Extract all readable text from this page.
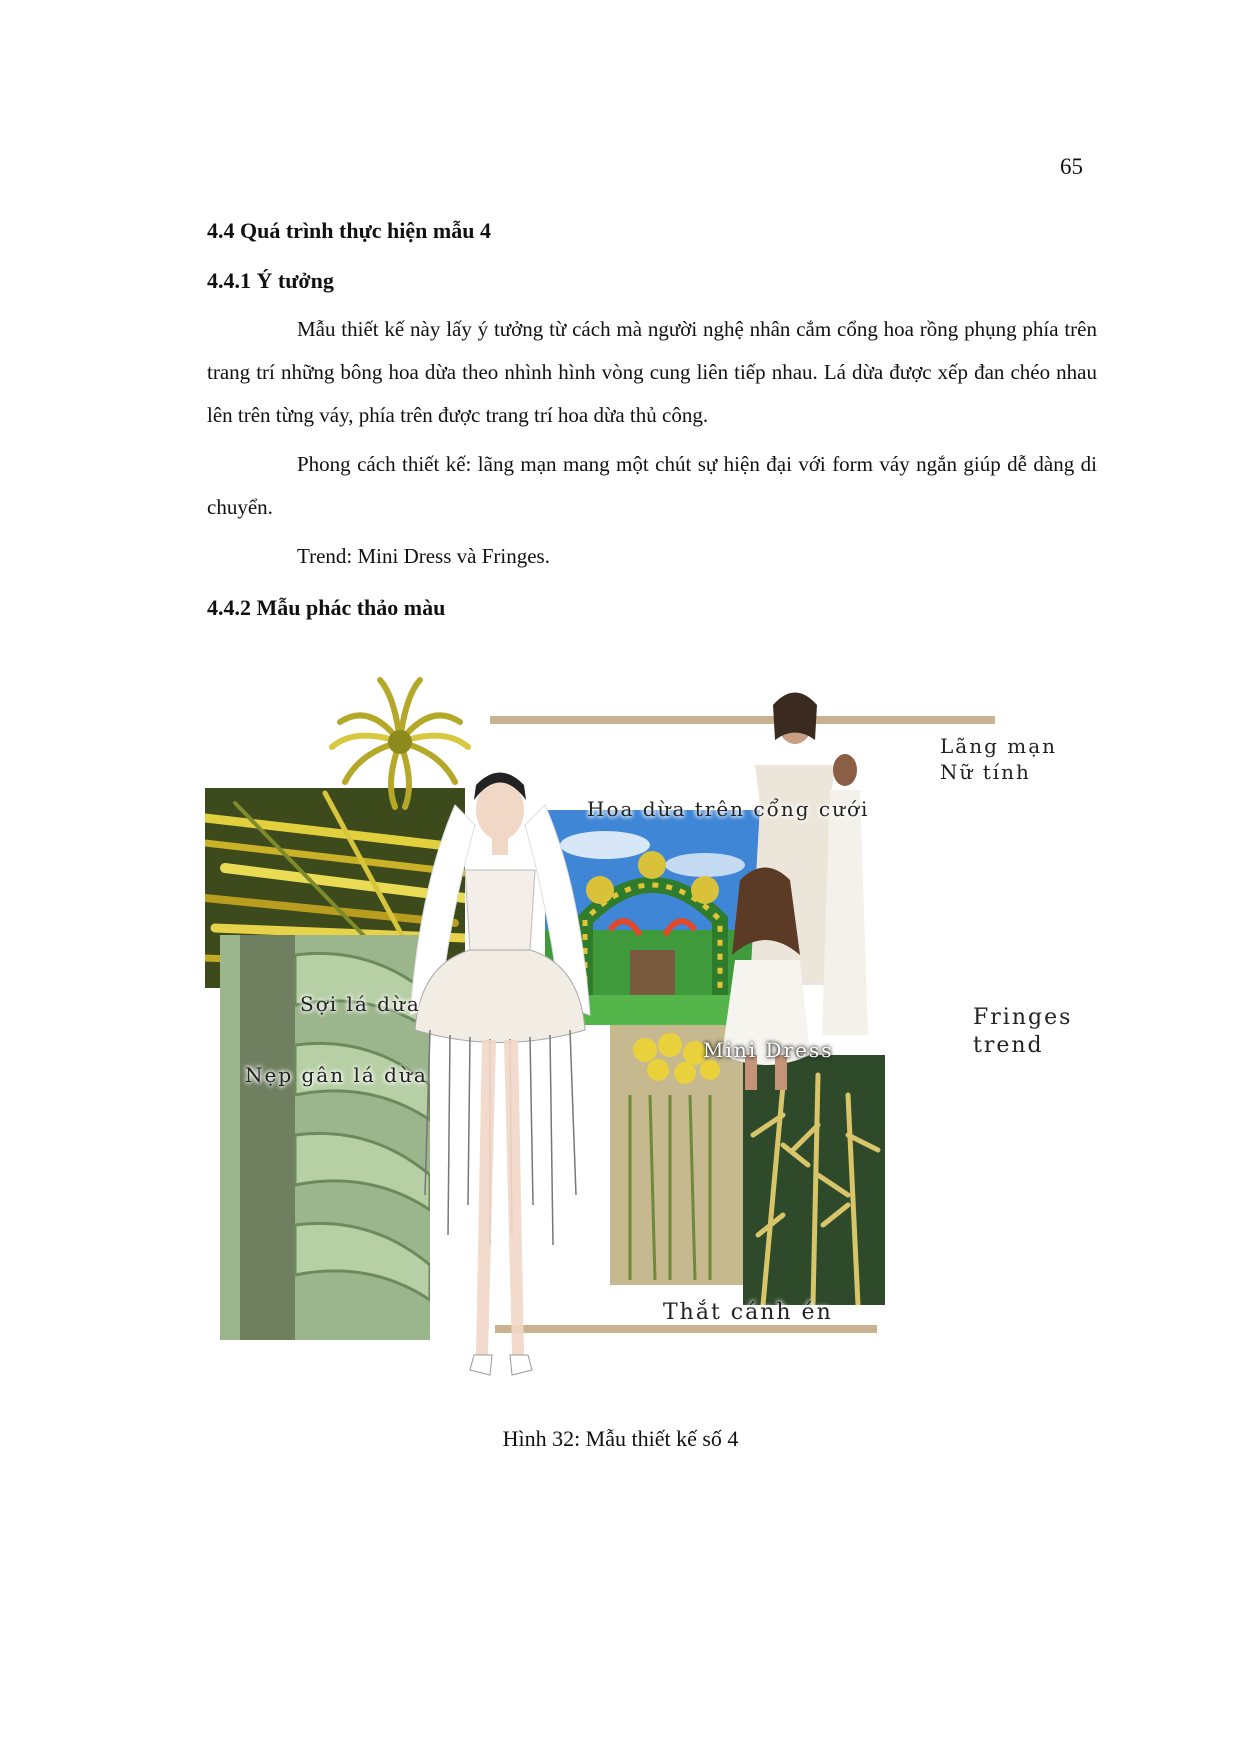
65
4.4 Quá trình thực hiện mẫu 4
4.4.1 Ý tưởng
Mẫu thiết kế này lấy ý tưởng từ cách mà người nghệ nhân cắm cổng hoa rồng phụng phía trên trang trí những bông hoa dừa theo nhình hình vòng cung liên tiếp nhau. Lá dừa được xếp đan chéo nhau lên trên từng váy, phía trên được trang trí hoa dừa thủ công.
Phong cách thiết kế: lãng mạn mang một chút sự hiện đại với form váy ngắn giúp dễ dàng di chuyển.
Trend: Mini Dress và Fringes.
4.4.2 Mẫu phác thảo màu
Sợi lá dừa
Nẹp gân lá dừa
Hoa dừa trên cổng cưới
Lãng mạn
Nữ tính
Mini Dress
Fringes
trend
Thắt cánh én
Hình 32: Mẫu thiết kế số 4
